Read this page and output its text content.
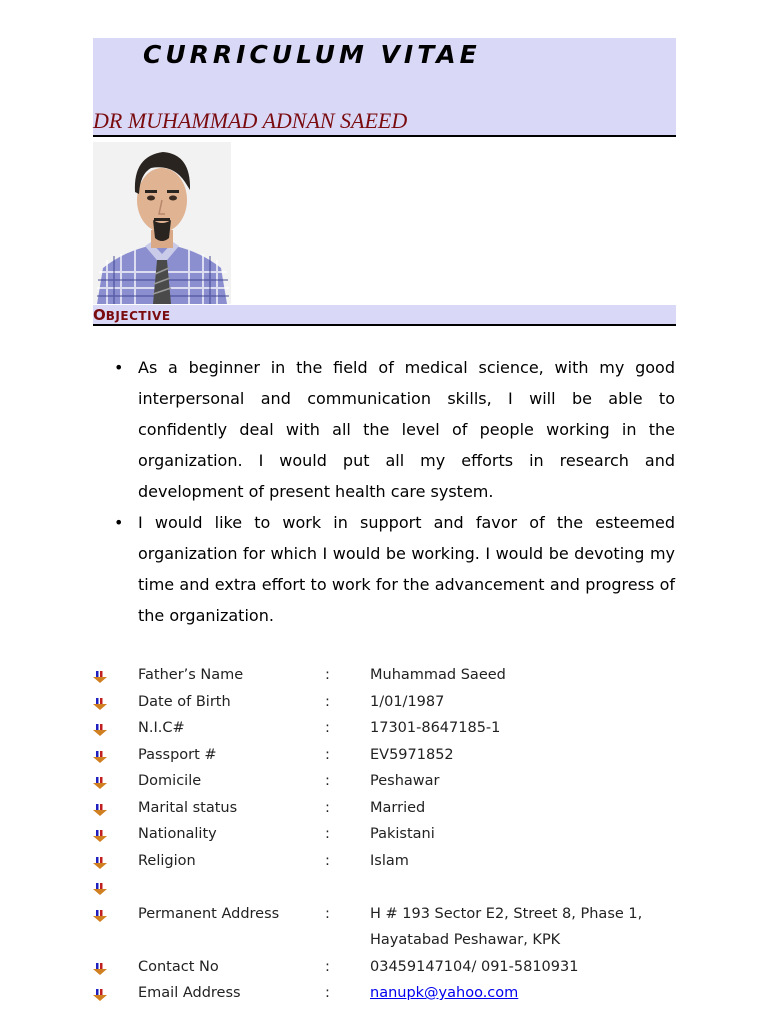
CURRICULUM VITAE
DR MUHAMMAD ADNAN SAEED
OBJECTIVE
• As a beginner in the field of medical science, with my good interpersonal and communication skills, I will be able to confidently deal with all the level of people working in the organization. I would put all my efforts in research and development of present health care system.
• I would like to work in support and favor of the esteemed organization for which I would be working. I would be devoting my time and extra effort to work for the advancement and progress of the organization.
Father’s Name	:	Muhammad Saeed
Date of Birth	:	1/01/1987
N.I.C#	:	17301-8647185-1
Passport #	:	EV5971852
Domicile	:	Peshawar
Marital status	:	Married
Nationality	:	Pakistani
Religion	:	Islam
Permanent Address	:	H # 193 Sector E2, Street 8, Phase 1,
Hayatabad Peshawar, KPK
Contact No	:	03459147104/ 091-5810931
Email Address	:	nanupk@yahoo.com
